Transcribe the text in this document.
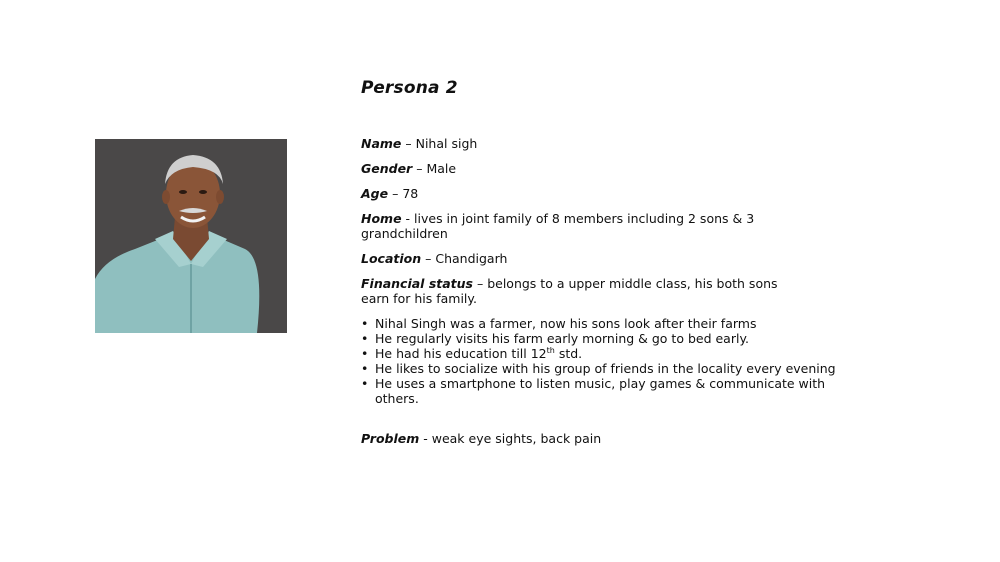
Persona 2
Name – Nihal sigh
Gender – Male
Age – 78
Home - lives in joint family of 8 members including 2 sons & 3 grandchildren
Location – Chandigarh
Financial status – belongs to a upper middle class, his both sons earn for his family.
• Nihal Singh was a farmer, now his sons look after their farms
• He regularly visits his farm early morning & go to bed early.
• He had his education till 12th std.
• He likes to socialize with his group of friends in the locality every evening
• He uses a smartphone to listen music, play games & communicate with others.
Problem - weak eye sights, back pain
